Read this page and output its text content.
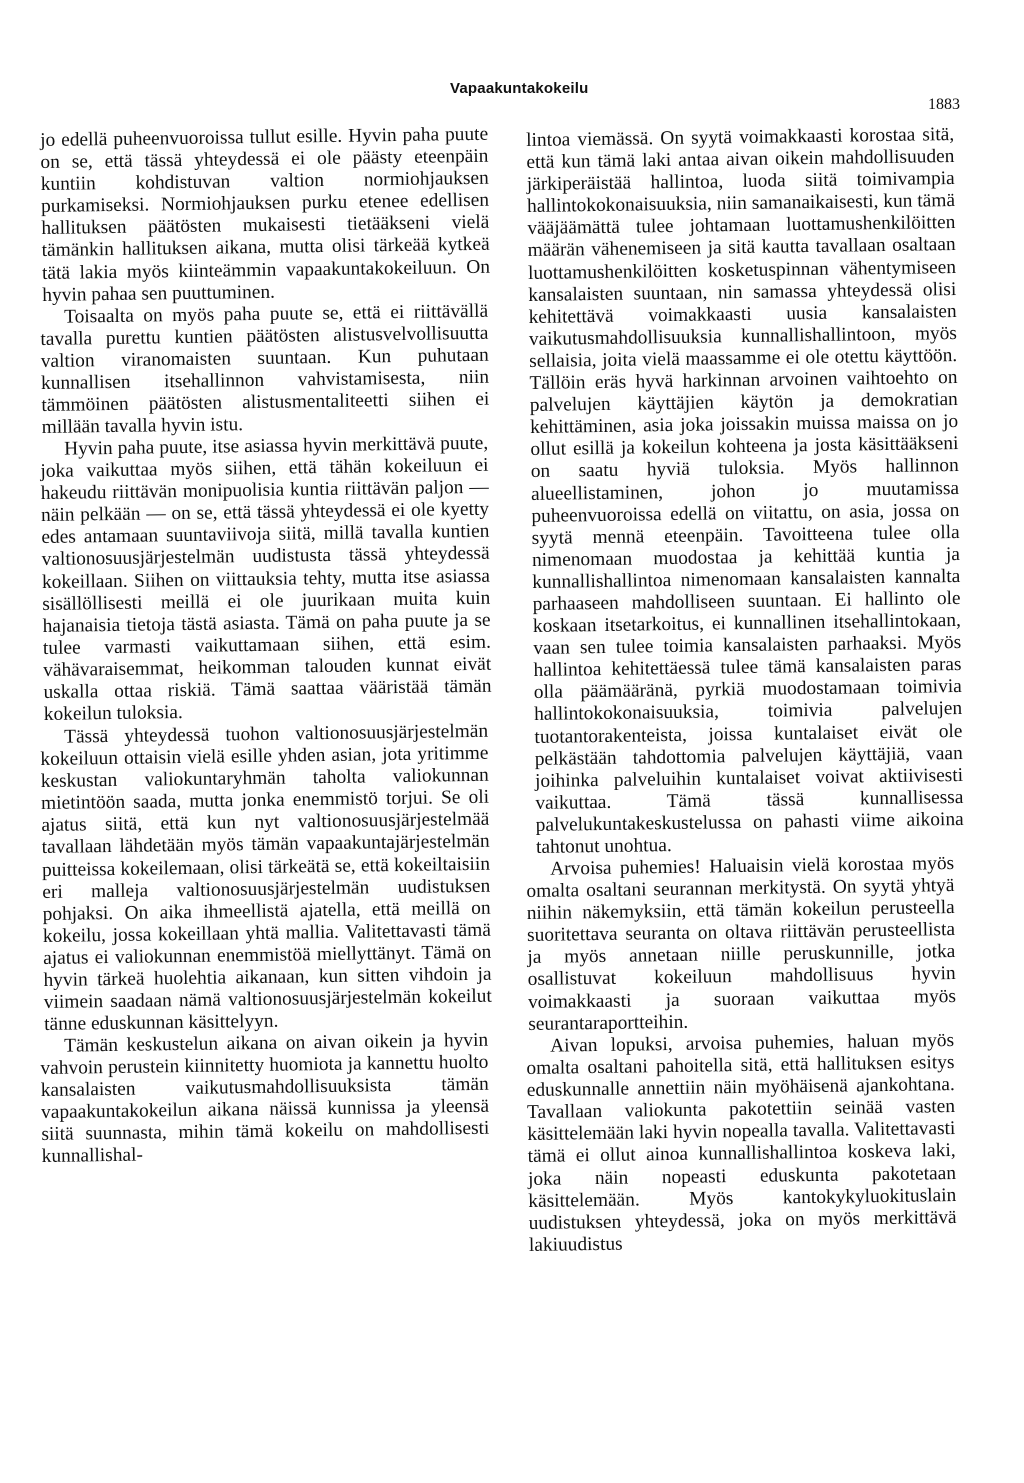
Vapaakuntakokeilu
1883

jo edellä puheenvuoroissa tullut esille. Hyvin paha puute on se, että tässä yhteydessä ei ole päästy eteenpäin kuntiin kohdistuvan valtion normiohjauksen purkamiseksi. Normiohjauksen purku etenee edellisen hallituksen päätösten mukaisesti tietääkseni vielä tämänkin hallituksen aikana, mutta olisi tärkeää kytkeä tätä lakia myös kiinteämmin vapaakuntakokeiluun. On hyvin pahaa sen puuttuminen.

Toisaalta on myös paha puute se, että ei riittävällä tavalla purettu kuntien päätösten alistusvelvollisuutta valtion viranomaisten suuntaan. Kun puhutaan kunnallisen itsehallinnon vahvistamisesta, niin tämmöinen päätösten alistusmentaliteetti siihen ei millään tavalla hyvin istu.

Hyvin paha puute, itse asiassa hyvin merkittävä puute, joka vaikuttaa myös siihen, että tähän kokeiluun ei hakeudu riittävän monipuolisia kuntia riittävän paljon — näin pelkään — on se, että tässä yhteydessä ei ole kyetty edes antamaan suuntaviivoja siitä, millä tavalla kuntien valtionosuusjärjestelmän uudistusta tässä yhteydessä kokeillaan. Siihen on viittauksia tehty, mutta itse asiassa sisällöllisesti meillä ei ole juurikaan muita kuin hajanaisia tietoja tästä asiasta. Tämä on paha puute ja se tulee varmasti vaikuttamaan siihen, että esim. vähävaraisemmat, heikomman talouden kunnat eivät uskalla ottaa riskiä. Tämä saattaa vääristää tämän kokeilun tuloksia.

Tässä yhteydessä tuohon valtionosuusjärjestelmän kokeiluun ottaisin vielä esille yhden asian, jota yritimme keskustan valiokuntaryhmän taholta valiokunnan mietintöön saada, mutta jonka enemmistö torjui. Se oli ajatus siitä, että kun nyt valtionosuusjärjestelmää tavallaan lähdetään myös tämän vapaakuntajärjestelmän puitteissa kokeilemaan, olisi tärkeätä se, että kokeiltaisiin eri malleja valtionosuusjärjestelmän uudistuksen pohjaksi. On aika ihmeellistä ajatella, että meillä on kokeilu, jossa kokeillaan yhtä mallia. Valitettavasti tämä ajatus ei valiokunnan enemmistöä miellyttänyt. Tämä on hyvin tärkeä huolehtia aikanaan, kun sitten vihdoin ja viimein saadaan nämä valtionosuusjärjestelmän kokeilut tänne eduskunnan käsittelyyn.

Tämän keskustelun aikana on aivan oikein ja hyvin vahvoin perustein kiinnitetty huomiota ja kannettu huolto kansalaisten vaikutusmahdollisuuksista tämän vapaakuntakokeilun aikana näissä kunnissa ja yleensä siitä suunnasta, mihin tämä kokeilu on mahdollisesti kunnallishal-

lintoa viemässä. On syytä voimakkaasti korostaa sitä, että kun tämä laki antaa aivan oikein mahdollisuuden järkiperäistää hallintoa, luoda siitä toimivampia hallintokokonaisuuksia, niin samanaikaisesti, kun tämä vääjäämättä tulee johtamaan luottamushenkilöitten määrän vähenemiseen ja sitä kautta tavallaan osaltaan luottamushenkilöitten kosketuspinnan vähentymiseen kansalaisten suuntaan, nin samassa yhteydessä olisi kehitettävä voimakkaasti uusia kansalaisten vaikutusmahdollisuuksia kunnallishallintoon, myös sellaisia, joita vielä maassamme ei ole otettu käyttöön. Tällöin eräs hyvä harkinnan arvoinen vaihtoehto on palvelujen käyttäjien käytön ja demokratian kehittäminen, asia joka joissakin muissa maissa on jo ollut esillä ja kokeilun kohteena ja josta käsittääkseni on saatu hyviä tuloksia. Myös hallinnon alueellistaminen, johon jo muutamissa puheenvuoroissa edellä on viitattu, on asia, jossa on syytä mennä eteenpäin. Tavoitteena tulee olla nimenomaan muodostaa ja kehittää kuntia ja kunnallishallintoa nimenomaan kansalaisten kannalta parhaaseen mahdolliseen suuntaan. Ei hallinto ole koskaan itsetarkoitus, ei kunnallinen itsehallintokaan, vaan sen tulee toimia kansalaisten parhaaksi. Myös hallintoa kehitettäessä tulee tämä kansalaisten paras olla päämääränä, pyrkiä muodostamaan toimivia hallintokokonaisuuksia, toimivia palvelujen tuotantorakenteista, joissa kuntalaiset eivät ole pelkästään tahdottomia palvelujen käyttäjiä, vaan joihinka palveluihin kuntalaiset voivat aktiivisesti vaikuttaa. Tämä tässä kunnallisessa palvelukuntakeskustelussa on pahasti viime aikoina tahtonut unohtua.

Arvoisa puhemies! Haluaisin vielä korostaa myös omalta osaltani seurannan merkitystä. On syytä yhtyä niihin näkemyksiin, että tämän kokeilun perusteella suoritettava seuranta on oltava riittävän perusteellista ja myös annetaan niille peruskunnille, jotka osallistuvat kokeiluun mahdollisuus hyvin voimakkaasti ja suoraan vaikuttaa myös seurantaraportteihin.

Aivan lopuksi, arvoisa puhemies, haluan myös omalta osaltani pahoitella sitä, että hallituksen esitys eduskunnalle annettiin näin myöhäisenä ajankohtana. Tavallaan valiokunta pakotettiin seinää vasten käsittelemään laki hyvin nopealla tavalla. Valitettavasti tämä ei ollut ainoa kunnallishallintoa koskeva laki, joka näin nopeasti eduskunta pakotetaan käsittelemään. Myös kantokykyluokituslain uudistuksen yhteydessä, joka on myös merkittävä lakiuudistus
